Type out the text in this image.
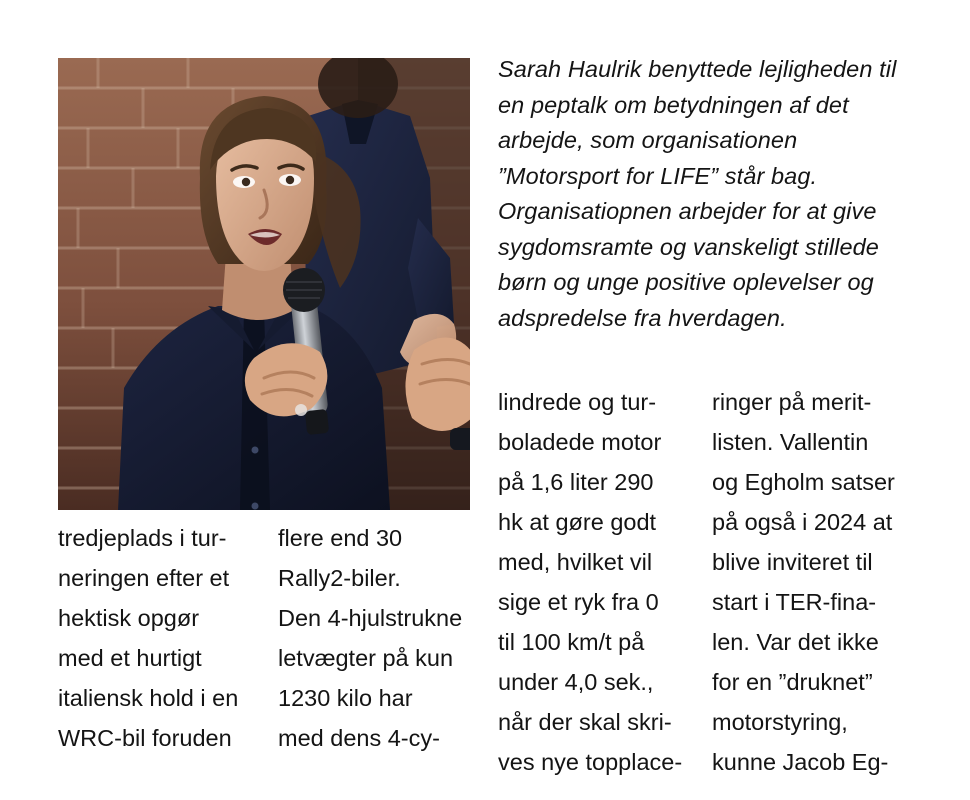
Sarah Haulrik benyttede lejligheden til en peptalk om betydningen af det arbejde, som organisationen ”Motorsport for LIFE” står bag. Organisatiopnen arbejder for at give sygdomsramte og vanskeligt stillede børn og unge positive oplevelser og adspredelse fra hverdagen.

tredjeplads i tur-
neringen efter et
hektisk opgør
med et hurtigt
italiensk hold i en
WRC-bil foruden
flere end 30
Rally2-biler.
Den 4-hjulstrukne
letvægter på kun
1230 kilo har
med dens 4-cy-
lindrede og tur-
boladede motor
på 1,6 liter 290
hk at gøre godt
med, hvilket vil
sige et ryk fra 0
til 100 km/t på
under 4,0 sek.,
når der skal skri-
ves nye topplace-
ringer på merit-
listen. Vallentin
og Egholm satser
på også i 2024 at
blive inviteret til
start i TER-fina-
len. Var det ikke
for en ”druknet”
motorstyring,
kunne Jacob Eg-
